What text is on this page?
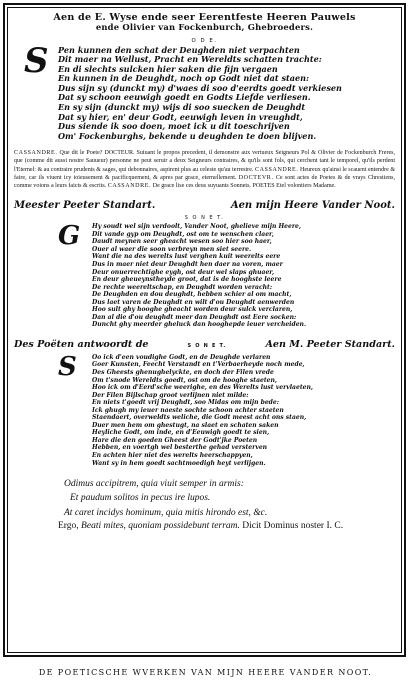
Aen de E. Wyse ende seer Eerentfeste Heeren Pauwels
ende Olivier van Fockenburch, Ghebroeders.
O D E.
S Pen kunnen den schat der Deughden niet verpachten
Dit maer na Wellust, Pracht en Wereldts schatten trachte:
En di slechts sulcken hier saken die fijn vergaen
En kunnen in de Deughdt, noch op Godt niet dat staen:
Dus sijn sy (dunckt my) d'waes di soo d'eerdts goedt verkiesen
Dat sy schoon eeuwigh goedt en Godts Liefde verliesen.
En sy sijn (dunckt my) wijs di soo suecken de Deughdt
Dat sy hier, en' deur Godt, eeuwigh leven in vreughdt,
Dus siende ik soo doen, moet ick u dit toeschrijven
Om' Fockenburghs, bekende u deughden te doen blijven.
CASSANDRE. Que dit le Poete? DOCTEUR. Suiuant le propos precedent, il demonstre aux vertueux Seigneurs Pol & Olivier de Fockenburch Freres, que (comme dit aussi nostre Sauueur) personne ne peut seruir a deux Seigneurs contraires, & qu'ils sont fols, qui cerchent tant le temporel, qu'ils perdent l'Eternel: & au contraire prudents & sages, qui debonnaires, aspirent plus au celeste qu'au terrestre. CASSANDRE. Heureux qu'ainsi le scauent entendre & faire, car ils viuent icy ioieusement & pacificquement, & apres par grace, eternellement. DOCTEVR. Ce sont actes de Poetes & de vrays Chrestiens, comme voions a leurs faicts & escrits. CASSANDRE. De grace lise ces deus suyuants Sonnets. POETES Etel volontiers Madame.
Meester Peeter Standart.	Aen mijn Heere Vander Noot.
S O N E T.
G Hy soudt wel sijn verdoolt, Vander Noot, ghelieve mijn Heere,
Dit vande gyp om Deughdt, ost om te wenschen claer,
Daudt meynen seer gheacht wesen soo hier soo haer,
Ouer al waer die soon verbreyn men siet seere.
Want die na des werelts lust verghen kuit weerelts eere
Dus in maer niet deur Deughdt hen daer na voren, maer
Deur onuerrechtighe eygh, ost deur wel slaps ghuaer,
En deur gheueynstheyde groot, dat is de hooghste leere
De rechte weereltschap, en Deughdt worden veracht:
De Deughden en dou deughdt, hebben schier al om macht,
Dus laet varen de Deughdt en wilt d'ou Deughdt aenwerden
Hoo sult ghy hooghe gheacht worden deur sulck verclaren,
Dan al die d'ou deughdt meer dan Deughdt ost Eere socken:
Duncht ghy meerder gheluck dan hooghepde ieuer vercheiden.
Des Poëten antwoordt de	S O N E T.	Aen M. Peeter Standart.
S	Oo ick d'een voudighe Godt, en de Deughde verlaren
Goer Kunsten, Feecht Verstandt en t'Verbaerheyde noch mede,
Des Gheests ghenughelyckte, en doch der Filen vrede
Om t'snode Wereldts goedt, ost om de hooghe staeten,
Hoo ick om d'Eerd'sche weerighe, en des Werelts lust vervlaeten,
Der Filen Bijlschap groot verlijnen niet milde:
En niets t'goedt vrij Deughdt, soo Midas om mijn bede:
Ick ghugh my ieuer naeste sochte schoon achter staeten
Staendaert, overweldts weliche, die Godt meest acht ons staen,
Duer men hem om ghestugt, na slaet en schaten saken
Heyliche Godt, om inde, en d'Eeuwigh goedt te sien,
Hare die den goeden Gheest der Godt'jke Poeten
Hebben, en voertgh wel besterthe gehad versterven
En achten hier niet des werelts heerschappyen,
Want sy in hem goedt sachtmoedigh heyt verlijgen.
Odimus accipitrem, quia viuit semper in armis:
Et paudum solitos in pecus ire lupos.
At caret incidys hominum, quia mitis hirondo est, &c.
Ergo, Beati mites, quoniam possidebunt terram. Dicit Dominus noster I. C.
DE POETICSCHE WVERKEN VAN MIJN HEERE VANDER NOOT.
